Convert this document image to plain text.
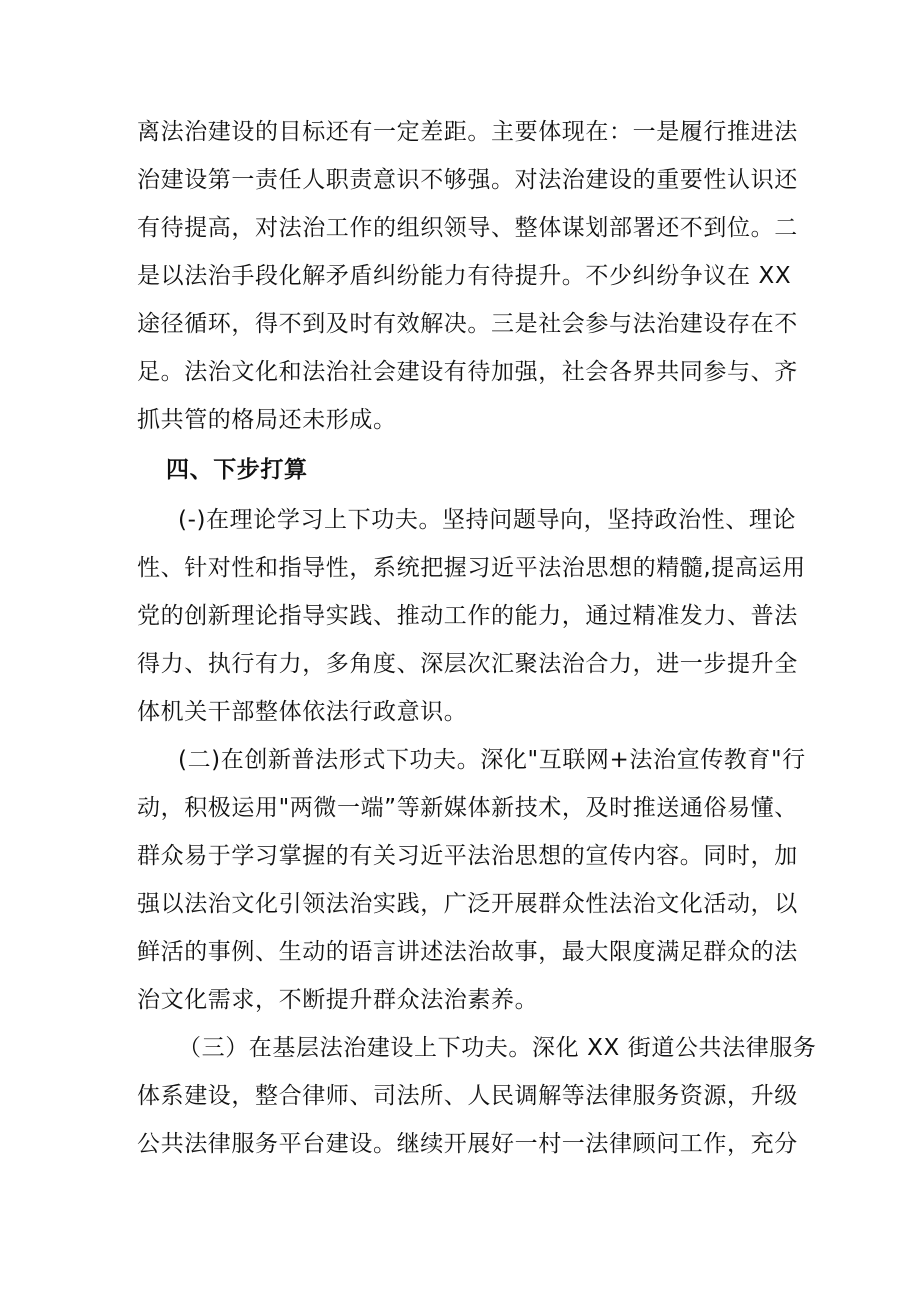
离法治建设的目标还有一定差距。主要体现在：一是履行推进法
治建设第一责任人职责意识不够强。对法治建设的重要性认识还
有待提高，对法治工作的组织领导、整体谋划部署还不到位。二
是以法治手段化解矛盾纠纷能力有待提升。不少纠纷争议在 XX
途径循环，得不到及时有效解决。三是社会参与法治建设存在不
足。法治文化和法治社会建设有待加强，社会各界共同参与、齐
抓共管的格局还未形成。
四、下步打算
(-)在理论学习上下功夫。坚持问题导向，坚持政治性、理论
性、针对性和指导性，系统把握习近平法治思想的精髓,提高运用
党的创新理论指导实践、推动工作的能力，通过精准发力、普法
得力、执行有力，多角度、深层次汇聚法治合力，进一步提升全
体机关干部整体依法行政意识。
(二)在创新普法形式下功夫。深化"互联网+法治宣传教育"行
动，积极运用"两微一端”等新媒体新技术，及时推送通俗易懂、
群众易于学习掌握的有关习近平法治思想的宣传内容。同时，加
强以法治文化引领法治实践，广泛开展群众性法治文化活动，以
鲜活的事例、生动的语言讲述法治故事，最大限度满足群众的法
治文化需求，不断提升群众法治素养。
（三）在基层法治建设上下功夫。深化 XX 街道公共法律服务
体系建设，整合律师、司法所、人民调解等法律服务资源，升级
公共法律服务平台建设。继续开展好一村一法律顾问工作，充分
